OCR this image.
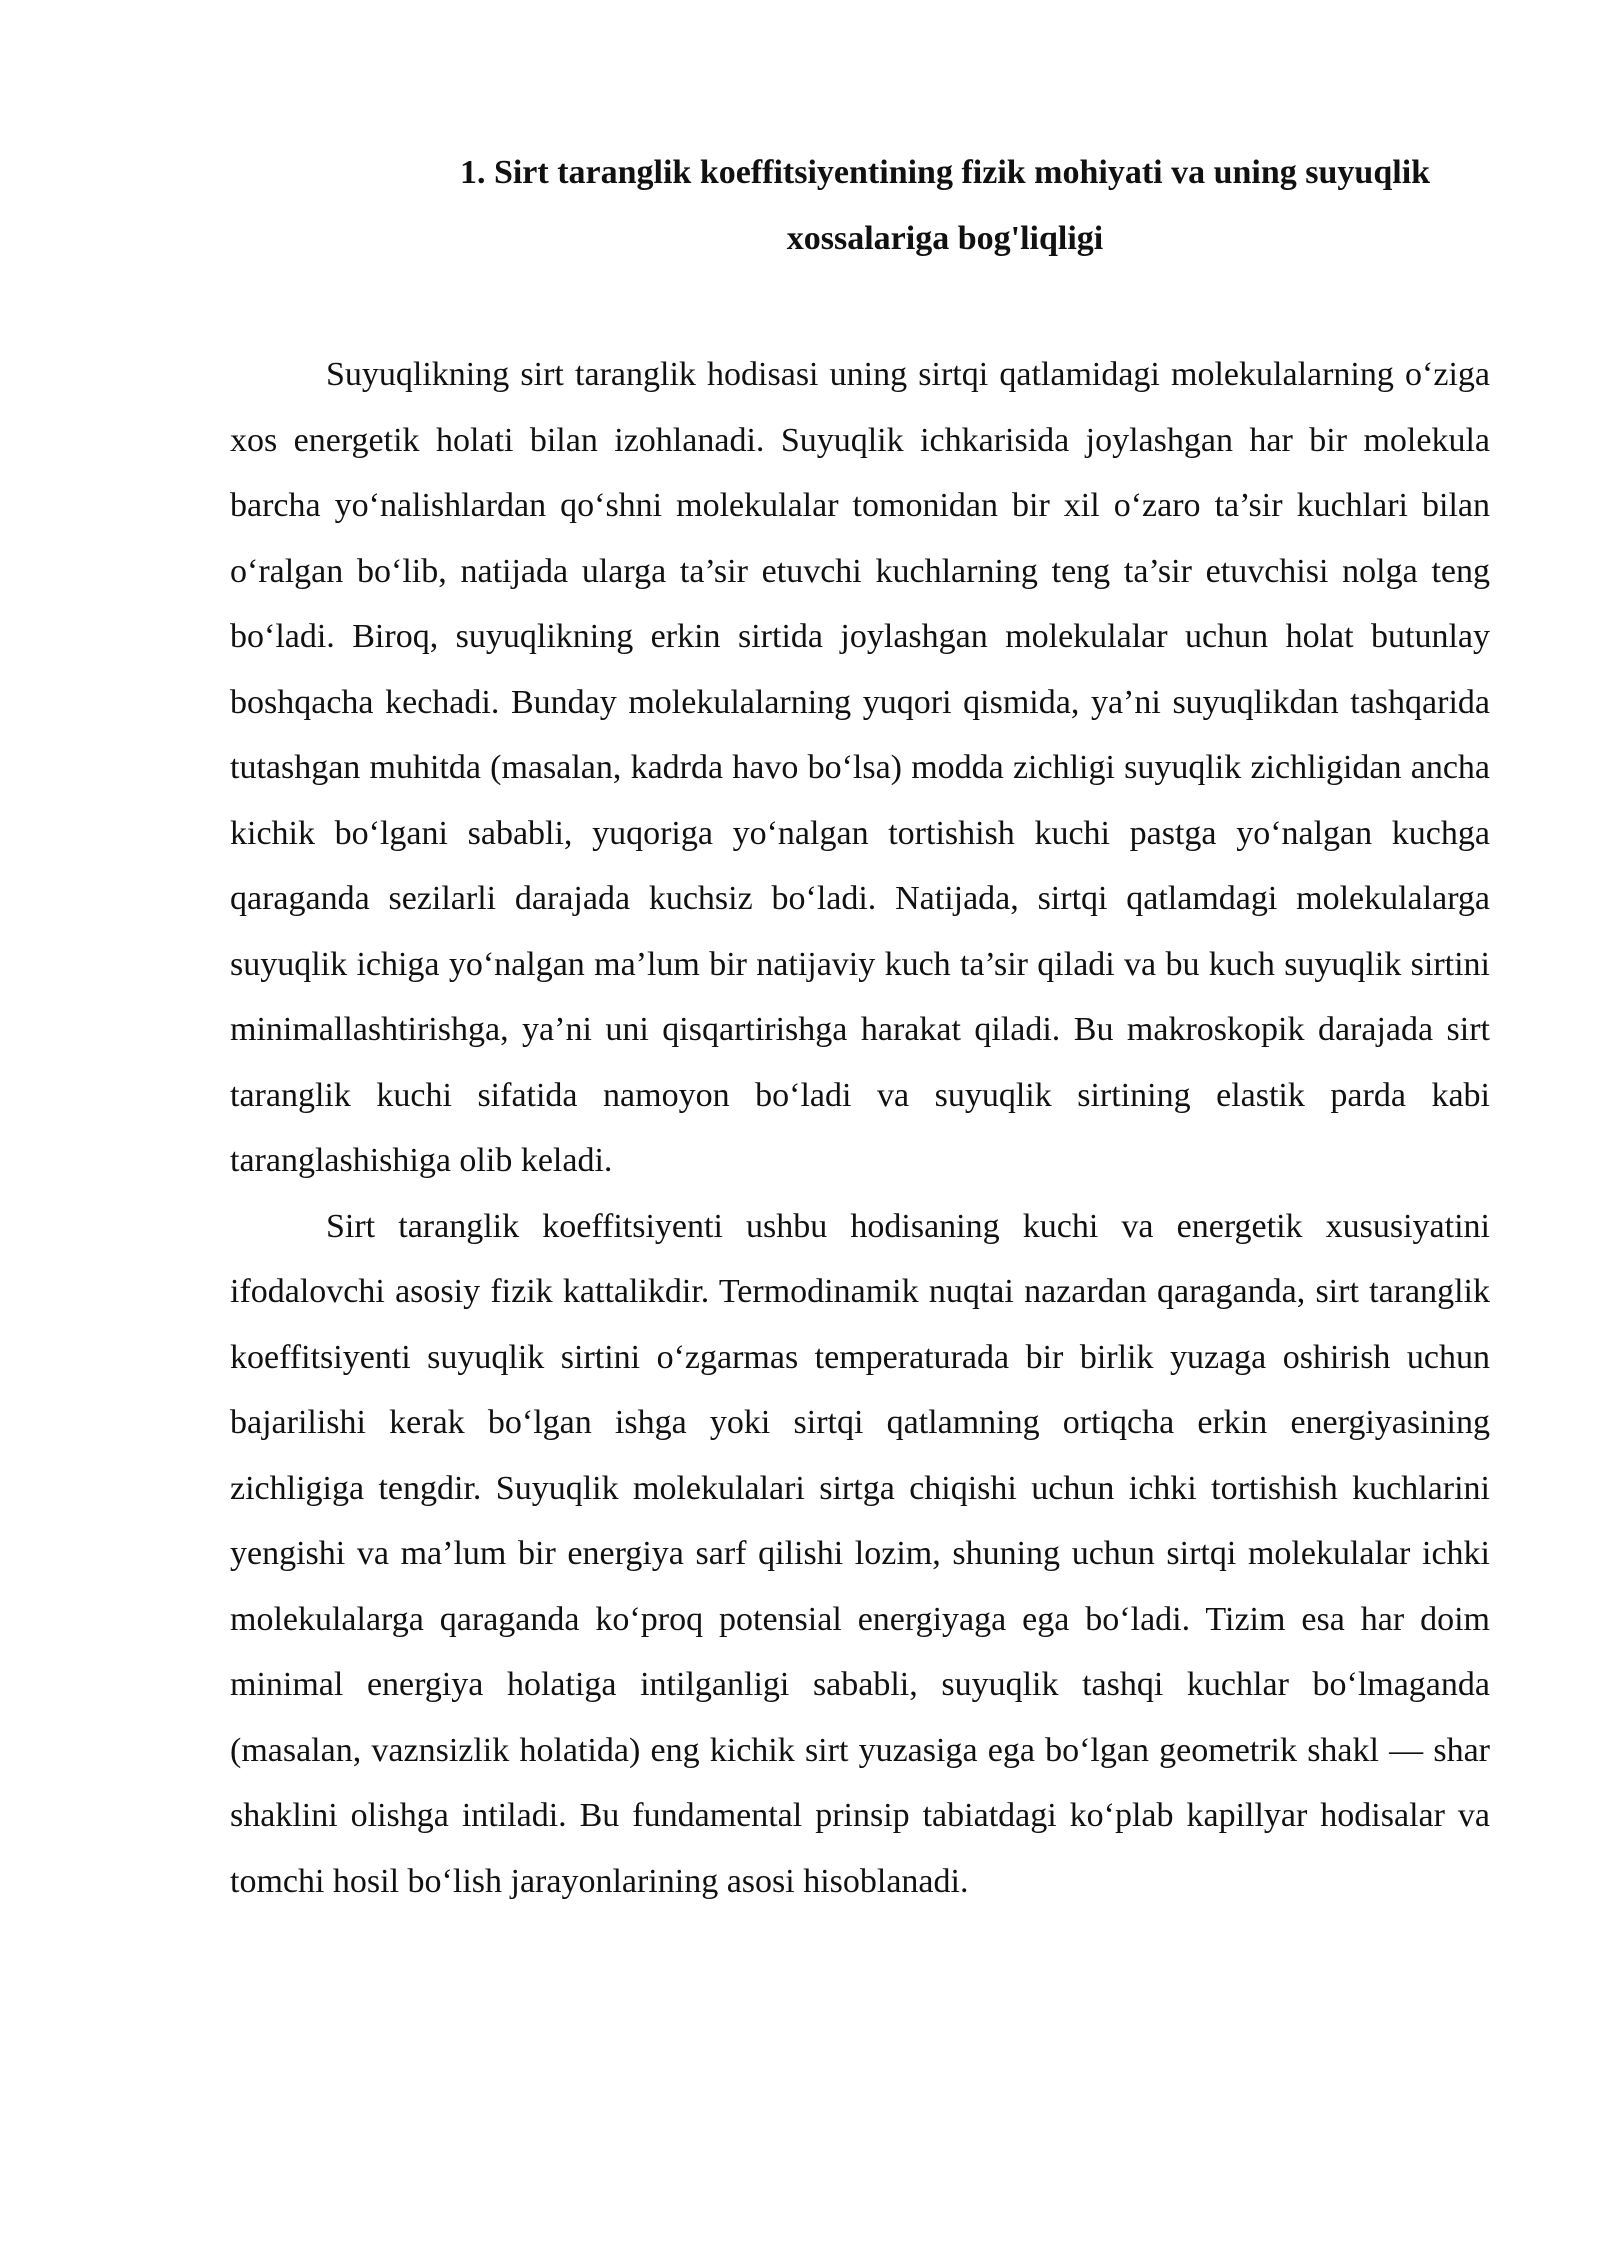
1. Sirt taranglik koeffitsiyentining fizik mohiyati va uning suyuqlik
xossalariga bog'liqligi

Suyuqlikning sirt taranglik hodisasi uning sirtqi qatlamidagi molekulalarning o‘ziga xos energetik holati bilan izohlanadi. Suyuqlik ichkarisida joylashgan har bir molekula barcha yo‘nalishlardan qo‘shni molekulalar tomonidan bir xil o‘zaro ta’sir kuchlari bilan o‘ralgan bo‘lib, natijada ularga ta’sir etuvchi kuchlarning teng ta’sir etuvchisi nolga teng bo‘ladi. Biroq, suyuqlikning erkin sirtida joylashgan molekulalar uchun holat butunlay boshqacha kechadi. Bunday molekulalarning yuqori qismida, ya’ni suyuqlikdan tashqarida tutashgan muhitda (masalan, kadrda havo bo‘lsa) modda zichligi suyuqlik zichligidan ancha kichik bo‘lgani sababli, yuqoriga yo‘nalgan tortishish kuchi pastga yo‘nalgan kuchga qaraganda sezilarli darajada kuchsiz bo‘ladi. Natijada, sirtqi qatlamdagi molekulalarga suyuqlik ichiga yo‘nalgan ma’lum bir natijaviy kuch ta’sir qiladi va bu kuch suyuqlik sirtini minimallashtirishga, ya’ni uni qisqartirishga harakat qiladi. Bu makroskopik darajada sirt taranglik kuchi sifatida namoyon bo‘ladi va suyuqlik sirtining elastik parda kabi taranglashishiga olib keladi.

Sirt taranglik koeffitsiyenti ushbu hodisaning kuchi va energetik xususiyatini ifodalovchi asosiy fizik kattalikdir. Termodinamik nuqtai nazardan qaraganda, sirt taranglik koeffitsiyenti suyuqlik sirtini o‘zgarmas temperaturada bir birlik yuzaga oshirish uchun bajarilishi kerak bo‘lgan ishga yoki sirtqi qatlamning ortiqcha erkin energiyasining zichligiga tengdir. Suyuqlik molekulalari sirtga chiqishi uchun ichki tortishish kuchlarini yengishi va ma’lum bir energiya sarf qilishi lozim, shuning uchun sirtqi molekulalar ichki molekulalarga qaraganda ko‘proq potensial energiyaga ega bo‘ladi. Tizim esa har doim minimal energiya holatiga intilganligi sababli, suyuqlik tashqi kuchlar bo‘lmaganda (masalan, vaznsizlik holatida) eng kichik sirt yuzasiga ega bo‘lgan geometrik shakl — shar shaklini olishga intiladi. Bu fundamental prinsip tabiatdagi ko‘plab kapillyar hodisalar va tomchi hosil bo‘lish jarayonlarining asosi hisoblanadi.
